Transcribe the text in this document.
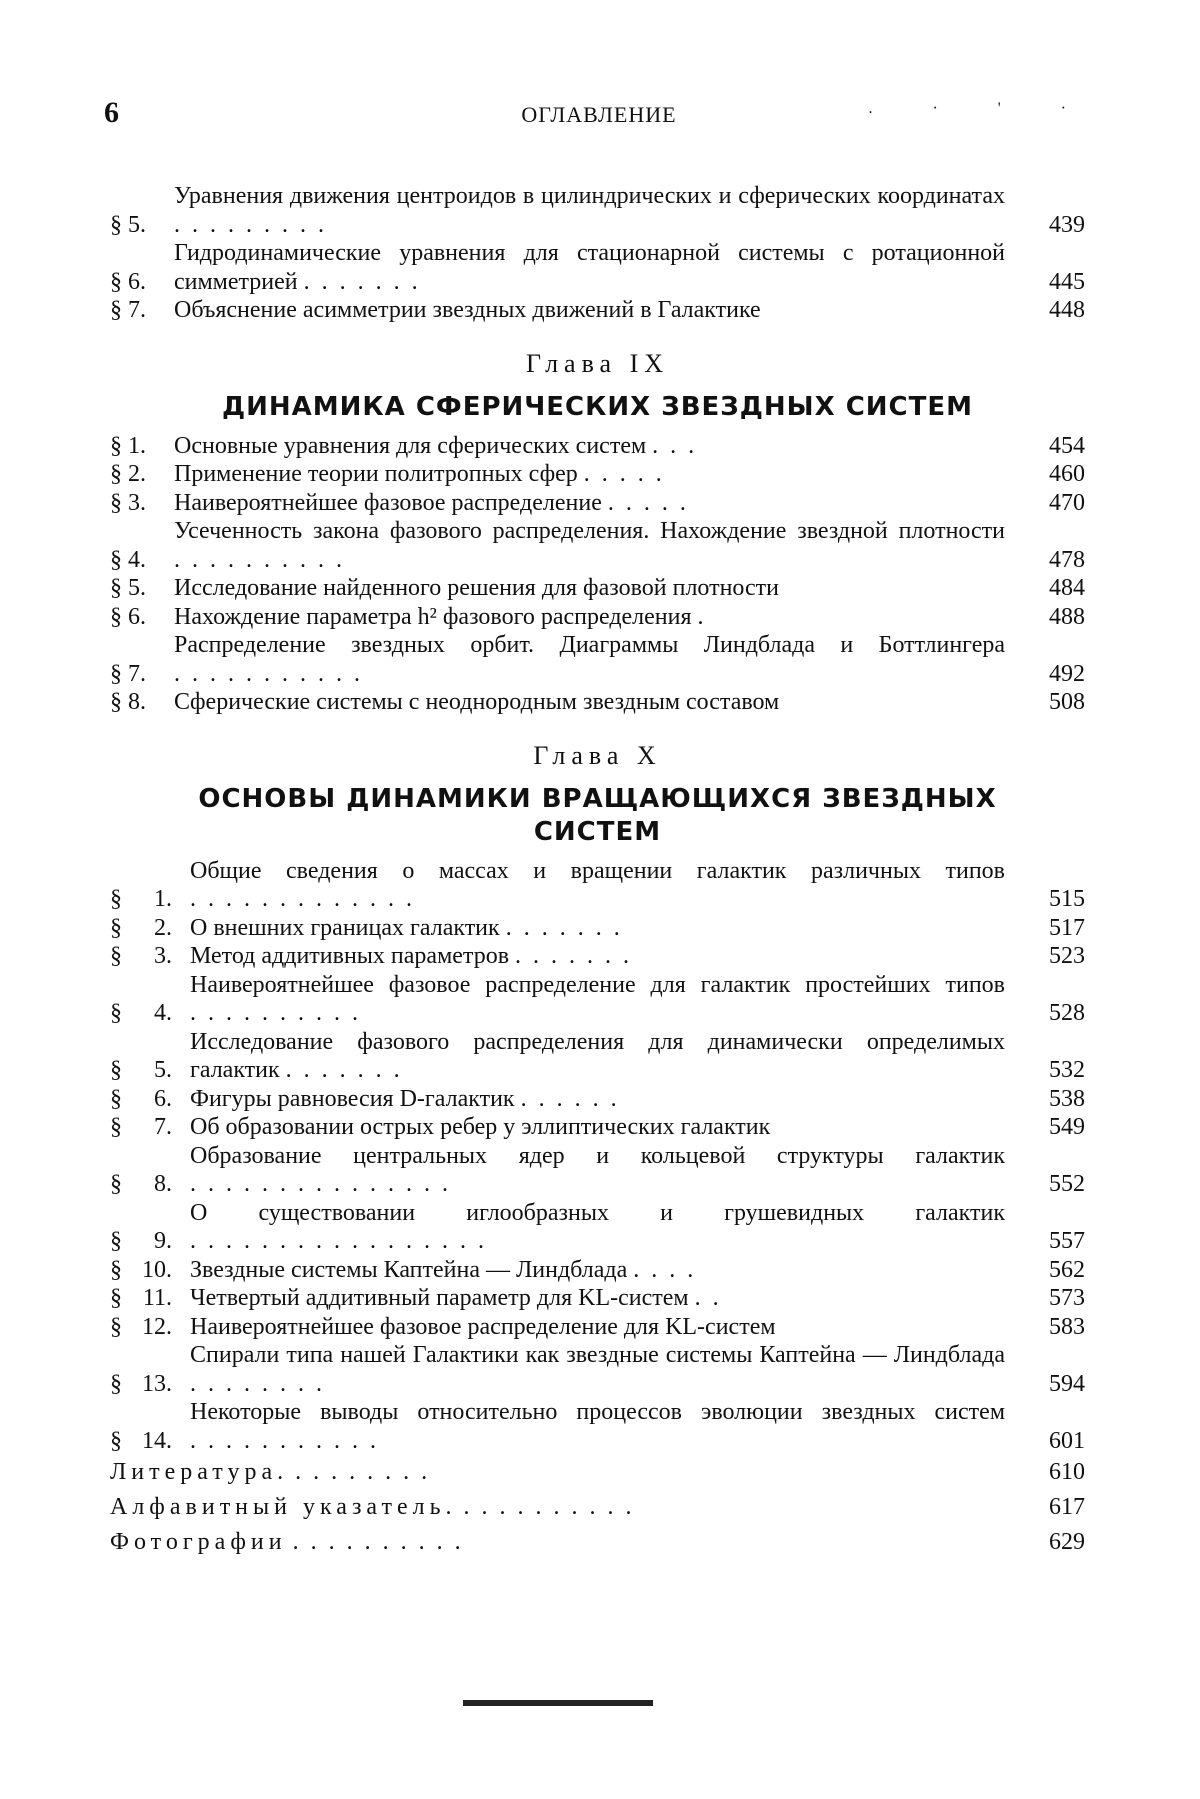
6	ОГЛАВЛЕНИЕ	. · ' ·
§ 5.
Уравнения движения центроидов в цилиндрических и сферических координатах .........	439
§ 6.
Гидродинамические уравнения для стационарной системы с ротационной симметрией .......	445
§ 7.	Объяснение асимметрии звездных движений в Галактике	448
Глава IX
ДИНАМИКА СФЕРИЧЕСКИХ ЗВЕЗДНЫХ СИСТЕМ
§ 1.	Основные уравнения для сферических систем ...	454
§ 2.	Применение теории политропных сфер .....	460
§ 3.	Наивероятнейшее фазовое распределение .....	470
§ 4.
Усеченность закона фазового распределения. Нахождение звездной плотности ..........	478
§ 5.	Исследование найденного решения для фазовой плотности	484
§ 6.	Нахождение параметра h² фазового распределения .	488
§ 7.
Распределение звездных орбит. Диаграммы Линдблада и Боттлингера ...........	492
§ 8.	Сферические системы с неоднородным звездным составом	508
Глава X
ОСНОВЫ ДИНАМИКИ ВРАЩАЮЩИХСЯ ЗВЕЗДНЫХ СИСТЕМ
§ 1.
Общие сведения о массах и вращении галактик различных типов .............	515
§ 2. О внешних границах галактик .......	517
§ 3. Метод аддитивных параметров .......	523
§ 4.
Наивероятнейшее фазовое распределение для галактик простейших типов ..........	528
§ 5.
Исследование фазового распределения для динамически определимых галактик .......	532
§ 6. Фигуры равновесия D-галактик ......	538
§ 7. Об образовании острых ребер у эллиптических галактик	549
§ 8.
Образование центральных ядер и кольцевой структуры галактик ...............	552
§ 9.
О существовании иглообразных и грушевидных галактик .................	557
§ 10. Звездные системы Каптейна — Линдблада ....	562
§ 11. Четвертый аддитивный параметр для KL-систем ..	573
§ 12. Наивероятнейшее фазовое распределение для KL-систем	583
§ 13.
Спирали типа нашей Галактики как звездные системы Каптейна — Линдблада ........	594
§ 14.
Некоторые выводы относительно процессов эволюции звездных систем ...........	601
Литература.........	610
Алфавитный указатель...........	617
Фотографии ..........	629
